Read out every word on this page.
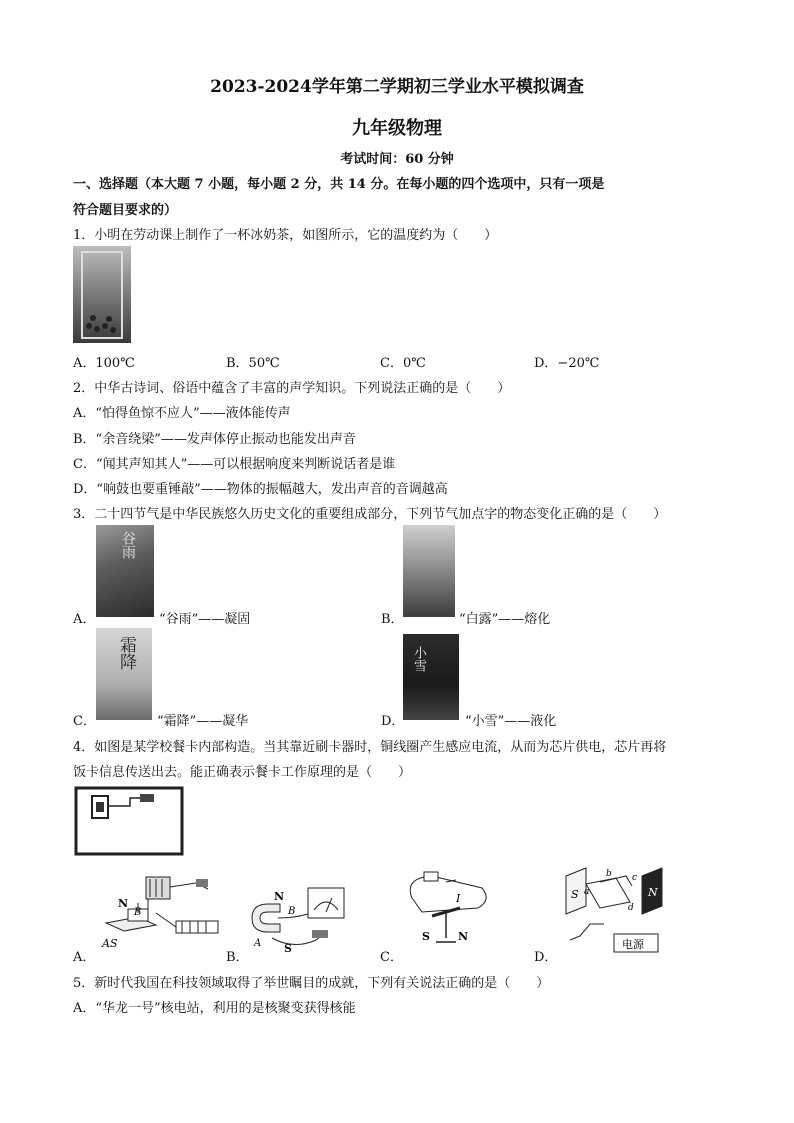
2023-2024学年第二学期初三学业水平模拟调查
九年级物理
考试时间：60 分钟
一、选择题（本大题 7 小题，每小题 2 分，共 14 分。在每小题的四个选项中，只有一项是
符合题目要求的）
1．小明在劳动课上制作了一杯冰奶茶，如图所示，它的温度约为（　　）
A．100℃	B．50℃	C．0℃	D．−20℃
2．中华古诗词、俗语中蕴含了丰富的声学知识。下列说法正确的是（　　）
A．“怕得鱼惊不应人”——液体能传声
B．“余音绕梁”——发声体停止振动也能发出声音
C．“闻其声知其人”——可以根据响度来判断说话者是谁
D．“响鼓也要重锤敲”——物体的振幅越大，发出声音的音调越高
3．二十四节气是中华民族悠久历史文化的重要组成部分，下列节气加点字的物态变化正确的是（　　）
谷雨
A．	“谷雨”——凝固	B．	“白露”——熔化
霜降
C．	“霜降”——凝华
小雪
D．	“小雪”——液化
4．如图是某学校餐卡内部构造。当其靠近刷卡器时，铜线圈产生感应电流，从而为芯片供电，芯片再将
饭卡信息传送出去。能正确表示餐卡工作原理的是（　　）
N
B
AS
A．
N
B
A S
B．
I
S	N
C．
S a
b c
d
N
电源
D．
5．新时代我国在科技领域取得了举世瞩目的成就，下列有关说法正确的是（　　）
A．“华龙一号”核电站，利用的是核聚变获得核能
